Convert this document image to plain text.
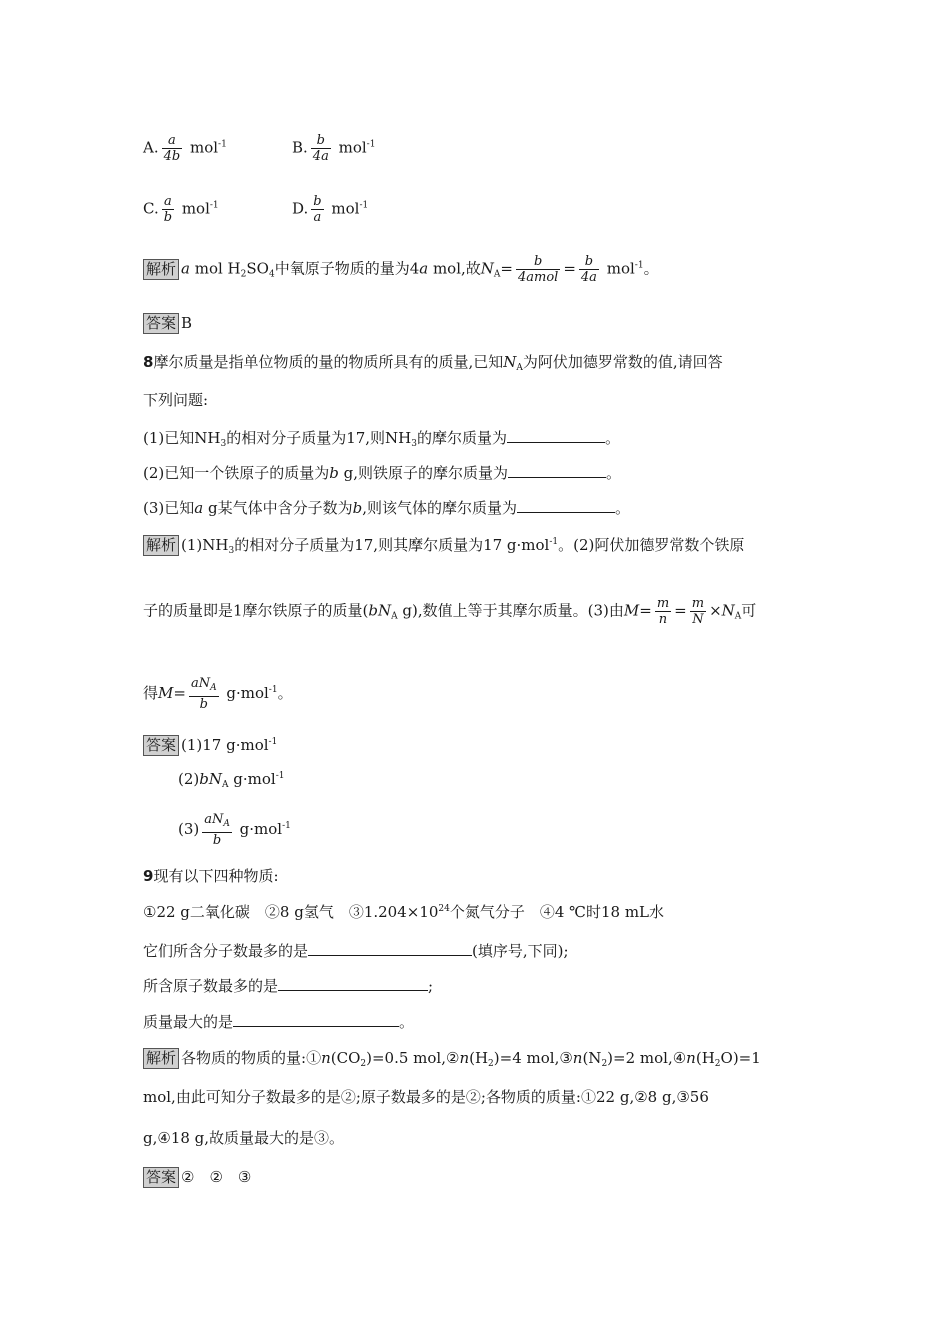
A. $\frac{a}{4b} mol^{-1}$	B. $\frac{b}{4a} mol^{-1}$
C. $\frac{a}{b} mol^{-1}$	D. $\frac{b}{a} mol^{-1}$
解析 a mol $H_2SO_4$中氧原子物质的量为4a mol,故$N_A= \frac{b}{\text{4amol}} = \frac{b}{4a} mol^{-1}$。
答案 B
8摩尔质量是指单位物质的量的物质所具有的质量,已知$N_A$为阿伏加德罗常数的值,请回答
下列问题:
(1)已知$NH_3$的相对分子质量为17,则$NH_3$的摩尔质量为	。
(2)已知一个铁原子的质量为b g,则铁原子的摩尔质量为	。
(3)已知a g某气体中含分子数为b,则该气体的摩尔质量为	。
解析 $(1)NH_3$的相对分子质量为17,则其摩尔质量为17 g·mol$^{-1}$。(2)阿伏加德罗常数个铁原
子的质量即是1摩尔铁原子的质量($bN_A$ g),数值上等于其摩尔质量。(3)由$M= \frac{m}{n} = \frac{m}{N} \times N_A$可
得$M= \frac{aN_A}{b} g\cdot mol^{-1}$。
答案 (1)17 g·mol$^{-1}$
$(2)bN_A$ g·mol$^{-1}$
$(3) \frac{aN_A}{b} g\cdot mol^{-1}$
9现有以下四种物质:
①22 g二氧化碳　②8 g氢气　$③1.204\times 10^{24}$个氮气分子　④4 ℃时18 mL水
它们所含分子数最多的是	(填序号,下同);
所含原子数最多的是	;
质量最大的是	。
解析 各物质的物质的量$:①n(CO_2)=0.5$ $mol,②n(H_2)=4$ $mol,③n(N_2)=2$ $mol,④n(H_2O)=1$
mol,由此可知分子数最多的是②;原子数最多的是②;各物质的质量:①22 g,②8 g,③56
g,④18 g,故质量最大的是③。
答案 ②　②　③
